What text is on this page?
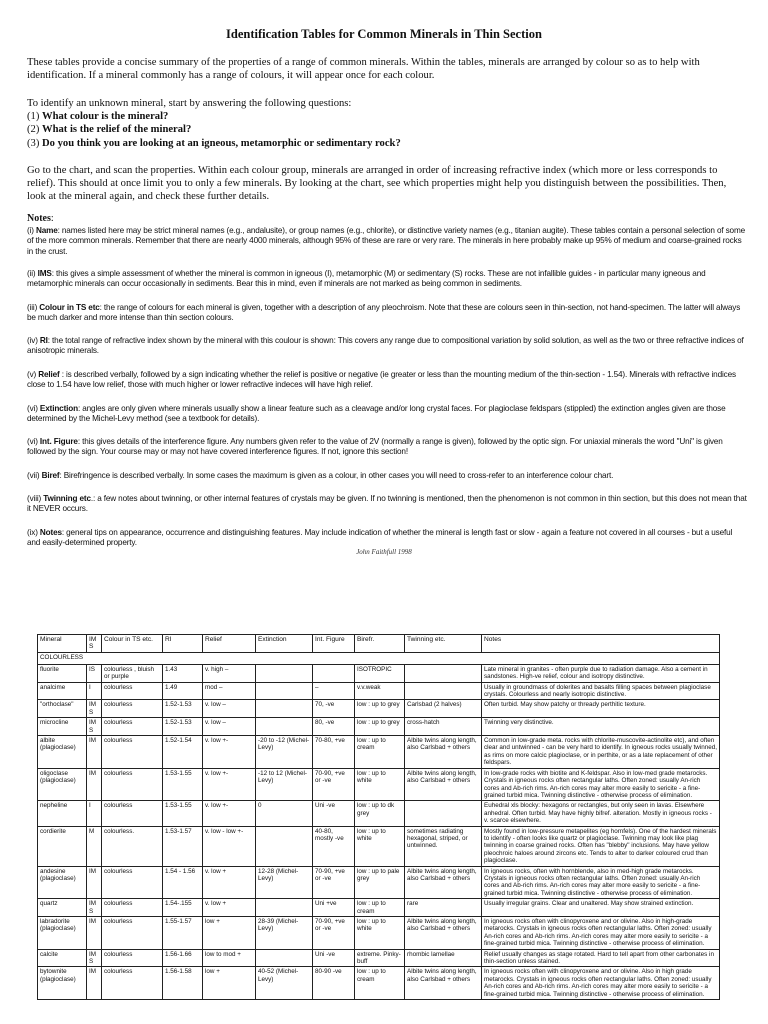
Identification Tables for Common Minerals in Thin Section
These tables provide a concise summary of the properties of a range of common minerals. Within the tables, minerals are arranged by colour so as to help with identification. If a mineral commonly has a range of colours, it will appear once for each colour.
To identify an unknown mineral, start by answering the following questions:
(1) What colour is the mineral?
(2) What is the relief of the mineral?
(3) Do you think you are looking at an igneous, metamorphic or sedimentary rock?
Go to the chart, and scan the properties. Within each colour group, minerals are arranged in order of increasing refractive index (which more or less corresponds to relief). This should at once limit you to only a few minerals. By looking at the chart, see which properties might help you distinguish between the possibilities. Then, look at the mineral again, and check these further details.
Notes:
(i) Name: names listed here may be strict mineral names (e.g., andalusite), or group names (e.g., chlorite), or distinctive variety names (e.g., titanian augite). These tables contain a personal selection of some of the more common minerals. Remember that there are nearly 4000 minerals, although 95% of these are rare or very rare. The minerals in here probably make up 95% of medium and coarse-grained rocks in the crust.
(ii) IMS: this gives a simple assessment of whether the mineral is common in igneous (I), metamorphic (M) or sedimentary (S) rocks. These are not infallible guides - in particular many igneous and metamorphic minerals can occur occasionally in sediments. Bear this in mind, even if minerals are not marked as being common in sediments.
(iii) Colour in TS etc: the range of colours for each mineral is given, together with a description of any pleochroism. Note that these are colours seen in thin-section, not hand-specimen. The latter will always be much darker and more intense than thin section colours.
(iv) RI: the total range of refractive index shown by the mineral with this coulour is shown: This covers any range due to compositional variation by solid solution, as well as the two or three refractive indices of anisotropic minerals.
(v) Relief : is described verbally, followed by a sign indicating whether the relief is positive or negative (ie greater or less than the mounting medium of the thin-section - 1.54). Minerals with refractive indices close to 1.54 have low relief, those with much higher or lower refractive indeces will have high relief.
(vi) Extinction: angles are only given where minerals usually show a linear feature such as a cleavage and/or long crystal faces. For plagioclase feldspars (stippled) the extinction angles given are those determined by the Michel-Levy method (see a textbook for details).
(vi) Int. Figure: this gives details of the interference figure. Any numbers given refer to the value of 2V (normally a range is given), followed by the optic sign. For uniaxial minerals the word "Uni" is given followed by the sign. Your course may or may not have covered interference figures. If not, ignore this section!
(vii) Biref: Birefringence is described verbally. In some cases the maximum is given as a colour, in other cases you will need to cross-refer to an interference colour chart.
(viii) Twinning etc.: a few notes about twinning, or other internal features of crystals may be given. If no twinning is mentioned, then the phenomenon is not common in thin section, but this does not mean that it NEVER occurs.
(ix) Notes: general tips on appearance, occurrence and distinguishing features. May include indication of whether the mineral is length fast or slow - again a feature not covered in all courses - but a useful and easily-determined property.
John Faithfull 1998
Mineral	IMS	Colour in TS etc.	RI	Relief	Extinction	Int. Figure	Birefr.	Twinning etc.	Notes
COLOURLESS									
fluorite	IS	colourless , bluish or purple	1.43	v. high –			ISOTROPIC		Late mineral in granites - often purple due to radiation damage. Also a cement in sandstones. High-ve relief, colour and isotropy distinctive.
analcime	I	colourless	1.49	mod –		–	v.v.weak		Usually in groundmass of dolerites and basalts filling spaces between plagioclase crystals. Colourless and nearly isotropic distinctive.
"orthoclase"	IMS	colourless	1.52-1.53	v. low –		70, -ve	low : up to grey	Carlsbad (2 halves)	Often turbid. May show patchy or thready perthitic texture.
microcline	IMS	colourless	1.52-1.53	v. low –		80, -ve	low : up to grey	cross-hatch	Twinning very distinctive.
albite (plagioclase)	IM	colourless	1.52-1.54	v. low +-	-20 to -12 (Michel-Levy)	70-80, +ve	low : up to cream	Albite twins along length, also Carlsbad + others	Common in low-grade meta. rocks with chlorite-muscovite-actinolite etc), and often clear and untwinned - can be very hard to identify. In igneous rocks usually twinned, as rims on more calcic plagioclase, or in perthite, or as a late replacement of other feldspars.
oligoclase (plagioclase)	IM	colourless	1.53-1.55	v. low +-	-12 to 12 (Michel-Levy)	70-90, +ve or -ve	low : up to white	Albite twins along length, also Carlsbad + others	In low-grade rocks with biotite and K-feldspar. Also in low-med grade metarocks. Crystals in igneous rocks often rectangular laths. Often zoned: usually An-rich cores and Ab-rich rims. An-rich cores may alter more easily to sericite - a fine-grained turbid mica. Twinning distinctive - otherwise process of elimination.
nepheline	I	colourless	1.53-1.55	v. low +-	0	Uni -ve	low : up to dk grey		Euhedral xls blocky: hexagons or rectangles, but only seen in lavas. Elsewhere anhedral. Often turbid. May have highly bifref. alteration. Mostly in igneous rocks - v. scarce elsewhere.
cordierite	M	colourless.	1.53-1.57	v. low - low +-		40-80, mostly -ve	low : up to white	sometimes radiating hexagonal, striped, or untwinned.	Mostly found in low-pressure metapelites (eg hornfels). One of the hardest minerals to identify - often looks like quartz or plagioclase. Twinning may look like plag twinning in coarse grained rocks. Often has "blebby" inclusions. May have yellow pleochroic haloes around zircons etc. Tends to alter to darker coloured crud than plagioclase.
andesine (plagioclase)	IM	colourless	1.54 - 1.56	v. low +	12-28 (Michel-Levy)	70-90, +ve or -ve	low : up to pale grey	Albite twins along length, also Carlsbad + others	In igneous rocks, often with hornblende, also in med-high grade metarocks. Crystals in igneous rocks often rectangular laths. Often zoned: usually An-rich cores and Ab-rich rims. An-rich cores may alter more easily to sericite - a fine-grained turbid mica. Twinning distinctive - otherwise process of elimination.
quartz	IMS	colourless	1.54-.155	v. low +		Uni +ve	low : up to cream	rare	Usually irregular grains. Clear and unaltered. May show strained extinction.
labradorite (plagioclase)	IM	colourless	1.55-1.57	low +	28-39 (Michel-Levy)	70-90, +ve or -ve	low : up to white	Albite twins along length, also Carlsbad + others	In igneous rocks often with clinopyroxene and or olivine. Also in high-grade metarocks. Crystals in igneous rocks often rectangular laths. Often zoned: usually An-rich cores and Ab-rich rims. An-rich cores may alter more easily to sericite - a fine-grained turbid mica. Twinning distinctive - otherwise process of elimination.
calcite	IMS	colourless	1.56-1.66	low to mod +		Uni -ve	extreme. Pinky-buff	rhombic lamellae	Relief usually changes as stage rotated. Hard to tell apart from other carbonates in thin-section unless stained.
bytownite (plagioclase)	IM	colourless	1.56-1.58	low +	40-52 (Michel-Levy)	80-90 -ve	low : up to cream	Albite twins along length, also Carlsbad + others	In igneous rocks often with clinopyroxene and or olivine. Also in high grade metarocks. Crystals in igneous rocks often rectangular laths. Often zoned: usually An-rich cores and Ab-rich rims. An-rich cores may alter more easily to sericite - a fine-grained turbid mica. Twinning distinctive - otherwise process of elimination.
